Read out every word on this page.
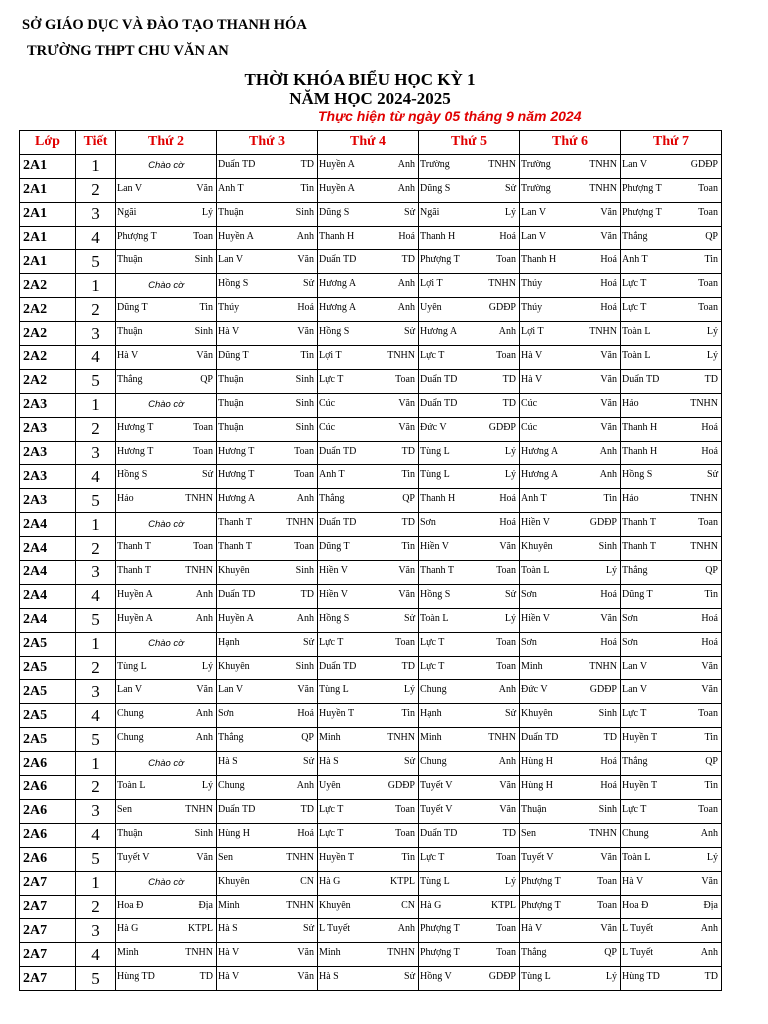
SỞ GIÁO DỤC VÀ ĐÀO TẠO THANH HÓA
TRƯỜNG THPT CHU VĂN AN
THỜI KHÓA BIỂU HỌC KỲ 1
NĂM HỌC 2024-2025
Thực hiện từ ngày 05 tháng 9 năm 2024
Lớp	Tiết	Thứ 2	Thứ 3	Thứ 4	Thứ 5	Thứ 6	Thứ 7
2A1	1	Chào cờ	Duẩn TD TD	Huyền A Anh	Trường TNHN	Trường TNHN	Lan V GDĐP

2A1	2	Lan V Văn	Anh T Tin	Huyền A Anh	Dũng S Sử	Trường TNHN	Phượng T Toan

2A1	3	Ngãi Lý	Thuận Sinh	Dũng S Sử	Ngãi Lý	Lan V Văn	Phượng T Toan

2A1	4	Phượng T Toan	Huyền A Anh	Thanh H Hoá	Thanh H Hoá	Lan V Văn	Thắng QP

2A1	5	Thuận Sinh	Lan V Văn	Duẩn TD TD	Phượng T Toan	Thanh H Hoá	Anh T Tin

2A2	1	Chào cờ	Hồng S Sử	Hương A Anh	Lợi T TNHN	Thúy Hoá	Lực T Toan

2A2	2	Dũng T Tin	Thúy Hoá	Hương A Anh	Uyên GDĐP	Thúy Hoá	Lực T Toan

2A2	3	Thuận Sinh	Hà V Văn	Hồng S Sử	Hương A Anh	Lợi T TNHN	Toàn L Lý

2A2	4	Hà V Văn	Dũng T Tin	Lợi T TNHN	Lực T Toan	Hà V Văn	Toàn L Lý

2A2	5	Thắng QP	Thuận Sinh	Lực T Toan	Duẩn TD TD	Hà V Văn	Duẩn TD TD

2A3	1	Chào cờ	Thuận Sinh	Cúc Văn	Duẩn TD TD	Cúc Văn	Hảo TNHN

2A3	2	Hương T Toan	Thuận Sinh	Cúc Văn	Đức V GDĐP	Cúc Văn	Thanh H Hoá

2A3	3	Hương T Toan	Hương T Toan	Duẩn TD TD	Tùng L Lý	Hương A Anh	Thanh H Hoá

2A3	4	Hồng S Sử	Hương T Toan	Anh T Tin	Tùng L Lý	Hương A Anh	Hồng S Sử

2A3	5	Hảo TNHN	Hương A Anh	Thắng QP	Thanh H Hoá	Anh T Tin	Hảo TNHN

2A4	1	Chào cờ	Thanh T TNHN	Duẩn TD TD	Sơn Hoá	Hiền V GDĐP	Thanh T Toan

2A4	2	Thanh T Toan	Thanh T Toan	Dũng T Tin	Hiền V Văn	Khuyên Sinh	Thanh T TNHN

2A4	3	Thanh T TNHN	Khuyên Sinh	Hiền V Văn	Thanh T Toan	Toàn L Lý	Thắng QP

2A4	4	Huyền A Anh	Duẩn TD TD	Hiền V Văn	Hồng S Sử	Sơn Hoá	Dũng T Tin

2A4	5	Huyền A Anh	Huyền A Anh	Hồng S Sử	Toàn L Lý	Hiền V Văn	Sơn Hoá

2A5	1	Chào cờ	Hạnh Sử	Lực T Toan	Lực T Toan	Sơn Hoá	Sơn Hoá

2A5	2	Tùng L Lý	Khuyên Sinh	Duẩn TD TD	Lực T Toan	Minh TNHN	Lan V Văn

2A5	3	Lan V Văn	Lan V Văn	Tùng L Lý	Chung Anh	Đức V GDĐP	Lan V Văn

2A5	4	Chung Anh	Sơn Hoá	Huyền T Tin	Hạnh Sử	Khuyên Sinh	Lực T Toan

2A5	5	Chung Anh	Thắng QP	Minh TNHN	Minh TNHN	Duẩn TD TD	Huyền T Tin

2A6	1	Chào cờ	Hà S Sử	Hà S Sử	Chung Anh	Hùng H Hoá	Thắng QP

2A6	2	Toàn L Lý	Chung Anh	Uyên GDĐP	Tuyết V Văn	Hùng H Hoá	Huyền T Tin

2A6	3	Sen TNHN	Duẩn TD TD	Lực T Toan	Tuyết V Văn	Thuận Sinh	Lực T Toan

2A6	4	Thuận Sinh	Hùng H Hoá	Lực T Toan	Duẩn TD TD	Sen TNHN	Chung Anh

2A6	5	Tuyết V Văn	Sen TNHN	Huyền T Tin	Lực T Toan	Tuyết V Văn	Toàn L Lý

2A7	1	Chào cờ	Khuyên CN	Hà G KTPL	Tùng L Lý	Phượng T Toan	Hà V Văn

2A7	2	Hoa Đ Địa	Minh TNHN	Khuyên CN	Hà G KTPL	Phượng T Toan	Hoa Đ Địa

2A7	3	Hà G KTPL	Hà S Sử	L Tuyết Anh	Phượng T Toan	Hà V Văn	L Tuyết Anh

2A7	4	Minh TNHN	Hà V Văn	Minh TNHN	Phượng T Toan	Thắng QP	L Tuyết Anh

2A7	5	Hùng TD TD	Hà V Văn	Hà S Sử	Hồng V GDĐP	Tùng L Lý	Hùng TD TD
